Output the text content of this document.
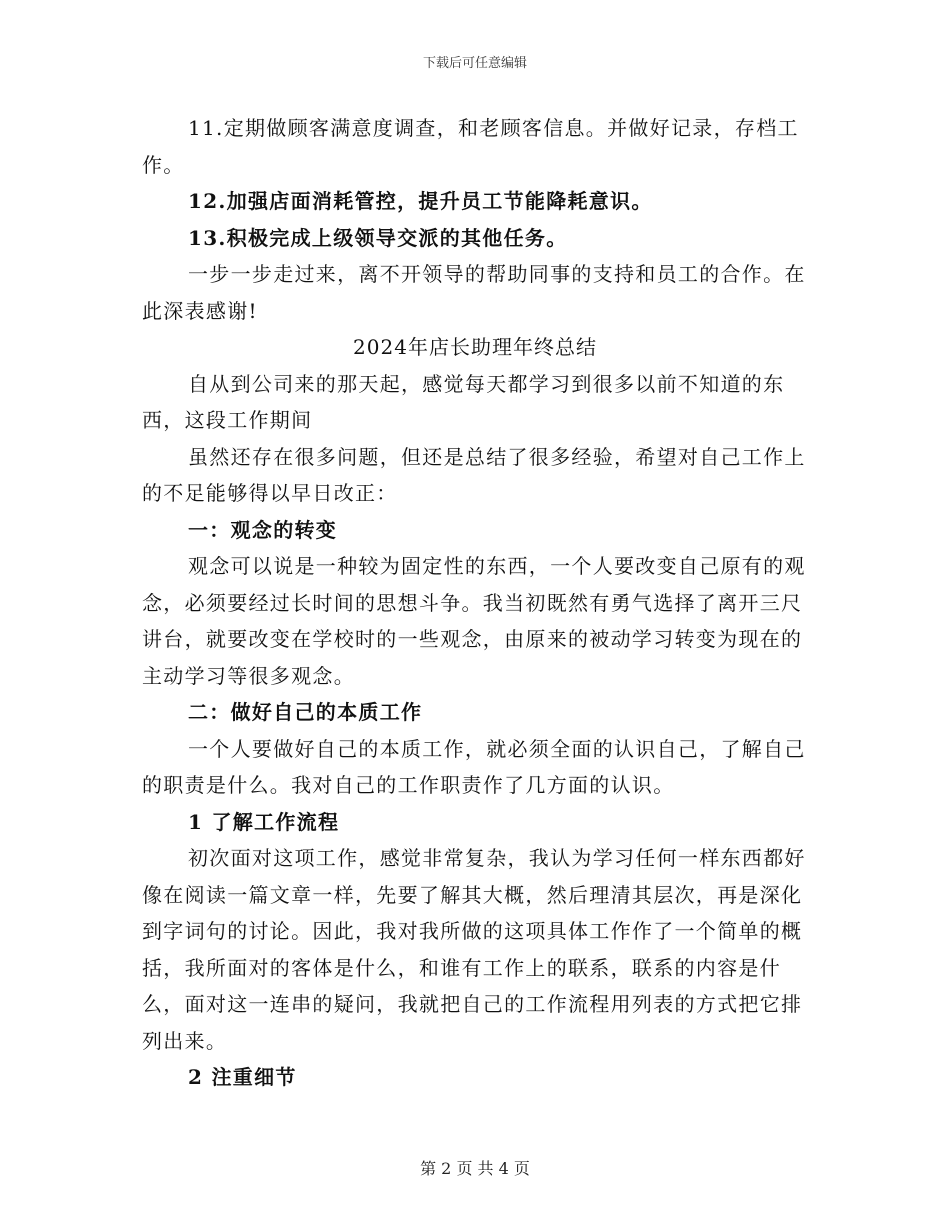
下载后可任意编辑

11.定期做顾客满意度调查，和老顾客信息。并做好记录，存档工作。

12.加强店面消耗管控，提升员工节能降耗意识。

13.积极完成上级领导交派的其他任务。

一步一步走过来，离不开领导的帮助同事的支持和员工的合作。在此深表感谢!

2024年店长助理年终总结

自从到公司来的那天起，感觉每天都学习到很多以前不知道的东西，这段工作期间

虽然还存在很多问题，但还是总结了很多经验，希望对自己工作上的不足能够得以早日改正：

一：观念的转变

观念可以说是一种较为固定性的东西，一个人要改变自己原有的观念，必须要经过长时间的思想斗争。我当初既然有勇气选择了离开三尺讲台，就要改变在学校时的一些观念，由原来的被动学习转变为现在的主动学习等很多观念。

二：做好自己的本质工作

一个人要做好自己的本质工作，就必须全面的认识自己，了解自己的职责是什么。我对自己的工作职责作了几方面的认识。

1 了解工作流程

初次面对这项工作，感觉非常复杂，我认为学习任何一样东西都好像在阅读一篇文章一样，先要了解其大概，然后理清其层次，再是深化到字词句的讨论。因此，我对我所做的这项具体工作作了一个简单的概括，我所面对的客体是什么，和谁有工作上的联系，联系的内容是什么，面对这一连串的疑问，我就把自己的工作流程用列表的方式把它排列出来。

2 注重细节

第 2 页 共 4 页
